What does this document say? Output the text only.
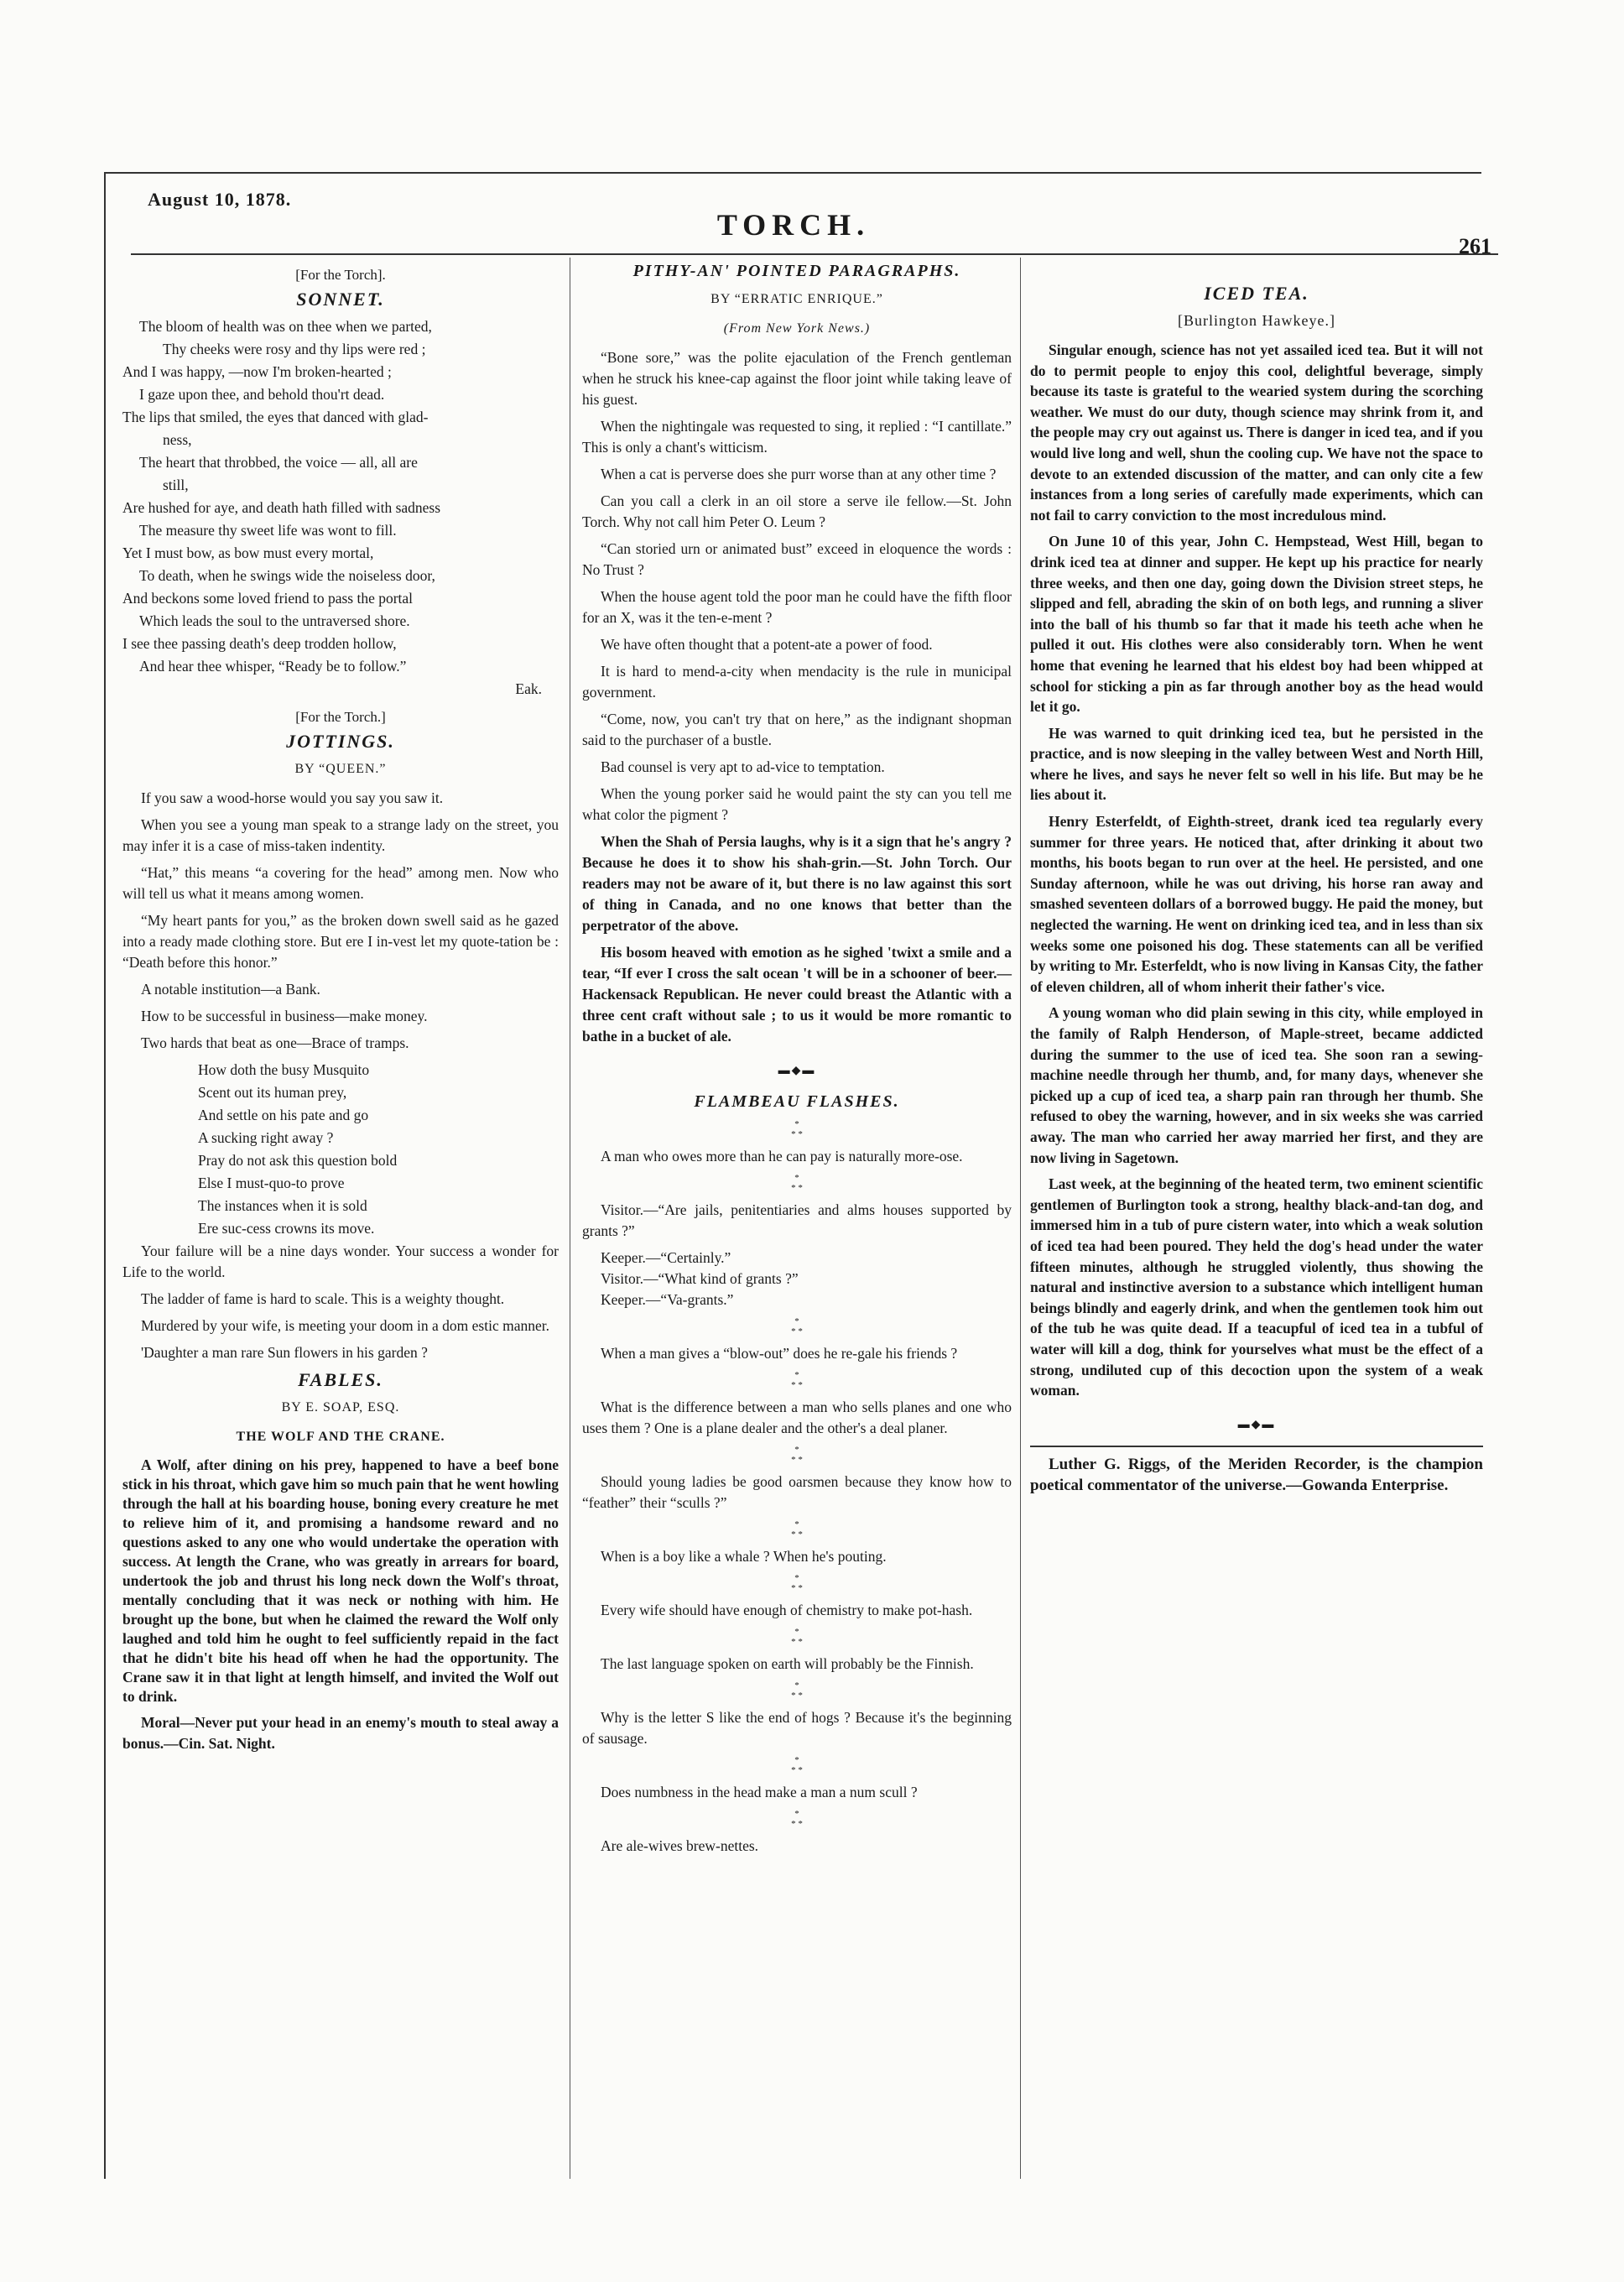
August 10, 1878.
TORCH.
261
[For the Torch].
SONNET.
The bloom of health was on thee when we parted,
Thy cheeks were rosy and thy lips were red ;
And I was happy, —now I'm broken-hearted ;
I gaze upon thee, and behold thou'rt dead.
The lips that smiled, the eyes that danced with glad-
ness,
The heart that throbbed, the voice — all, all are
still,
Are hushed for aye, and death hath filled with sadness
The measure thy sweet life was wont to fill.
Yet I must bow, as bow must every mortal,
To death, when he swings wide the noiseless door,
And beckons some loved friend to pass the portal
Which leads the soul to the untraversed shore.
I see thee passing death's deep trodden hollow,
And hear thee whisper, “Ready be to follow.”
Eak.
[For the Torch.]
JOTTINGS.
BY “QUEEN.”

If you saw a wood-horse would you say you saw it.

When you see a young man speak to a strange lady on the street, you may infer it is a case of miss-taken indentity.

“Hat,” this means “a covering for the head” among men. Now who will tell us what it means among women.

“My heart pants for you,” as the broken down swell said as he gazed into a ready made clothing store. But ere I in-vest let my quote-tation be : “Death before this honor.”

A notable institution—a Bank.

How to be successful in business—make money.

Two hards that beat as one—Brace of tramps.

How doth the busy Musquito
Scent out its human prey,
And settle on his pate and go
A sucking right away ?
Pray do not ask this question bold
Else I must-quo-to prove
The instances when it is sold
Ere suc-cess crowns its move.

Your failure will be a nine days wonder. Your success a wonder for Life to the world.

The ladder of fame is hard to scale. This is a weighty thought.

Murdered by your wife, is meeting your doom in a dom estic manner.

'Daughter a man rare Sun flowers in his garden ?

FABLES.
BY E. SOAP, ESQ.
THE WOLF AND THE CRANE.

A Wolf, after dining on his prey, happened to have a beef bone stick in his throat, which gave him so much pain that he went howling through the hall at his boarding house, boning every creature he met to relieve him of it, and promising a handsome reward and no questions asked to any one who would undertake the operation with success. At length the Crane, who was greatly in arrears for board, undertook the job and thrust his long neck down the Wolf's throat, mentally concluding that it was neck or nothing with him. He brought up the bone, but when he claimed the reward the Wolf only laughed and told him he ought to feel sufficiently repaid in the fact that he didn't bite his head off when he had the opportunity. The Crane saw it in that light at length himself, and invited the Wolf out to drink.

Moral—Never put your head in an enemy's mouth to steal away a bonus.—Cin. Sat. Night.

PITHY-AN' POINTED PARAGRAPHS.
BY “ERRATIC ENRIQUE.”
(From New York News.)

“Bone sore,” was the polite ejaculation of the French gentleman when he struck his knee-cap against the floor joint while taking leave of his guest.

When the nightingale was requested to sing, it replied : “I cantillate.” This is only a chant's witticism.

When a cat is perverse does she purr worse than at any other time ?

Can you call a clerk in an oil store a serve ile fellow.—St. John Torch. Why not call him Peter O. Leum ?

“Can storied urn or animated bust” exceed in eloquence the words : No Trust ?

When the house agent told the poor man he could have the fifth floor for an X, was it the ten-e-ment ?

We have often thought that a potent-ate a power of food.

It is hard to mend-a-city when mendacity is the rule in municipal government.

“Come, now, you can't try that on here,” as the indignant shopman said to the purchaser of a bustle.

Bad counsel is very apt to ad-vice to temptation.

When the young porker said he would paint the sty can you tell me what color the pigment ?

When the Shah of Persia laughs, why is it a sign that he's angry ? Because he does it to show his shah-grin.—St. John Torch. Our readers may not be aware of it, but there is no law against this sort of thing in Canada, and no one knows that better than the perpetrator of the above.

His bosom heaved with emotion as he sighed 'twixt a smile and a tear, “If ever I cross the salt ocean 't will be in a schooner of beer.—Hackensack Republican. He never could breast the Atlantic with a three cent craft without sale ; to us it would be more romantic to bathe in a bucket of ale.

▬◆▬
FLAMBEAU FLASHES.
*
* *

A man who owes more than he can pay is naturally more-ose.

*
* *

Visitor.—“Are jails, penitentiaries and alms houses supported by grants ?”

Keeper.—“Certainly.”

Visitor.—“What kind of grants ?”

Keeper.—“Va-grants.”

*
* *

When a man gives a “blow-out” does he re-gale his friends ?

*
* *

What is the difference between a man who sells planes and one who uses them ? One is a plane dealer and the other's a deal planer.

*
* *

Should young ladies be good oarsmen because they know how to “feather” their “sculls ?”

*
* *

When is a boy like a whale ? When he's pouting.

*
* *

Every wife should have enough of chemistry to make pot-hash.

*
* *

The last language spoken on earth will probably be the Finnish.

*
* *

Why is the letter S like the end of hogs ? Because it's the beginning of sausage.

*
* *

Does numbness in the head make a man a num scull ?

*
* *

Are ale-wives brew-nettes.

ICED TEA.
[Burlington Hawkeye.]

Singular enough, science has not yet assailed iced tea. But it will not do to permit people to enjoy this cool, delightful beverage, simply because its taste is grateful to the wearied system during the scorching weather. We must do our duty, though science may shrink from it, and the people may cry out against us. There is danger in iced tea, and if you would live long and well, shun the cooling cup. We have not the space to devote to an extended discussion of the matter, and can only cite a few instances from a long series of carefully made experiments, which can not fail to carry conviction to the most incredulous mind.

On June 10 of this year, John C. Hempstead, West Hill, began to drink iced tea at dinner and supper. He kept up his practice for nearly three weeks, and then one day, going down the Division street steps, he slipped and fell, abrading the skin of on both legs, and running a sliver into the ball of his thumb so far that it made his teeth ache when he pulled it out. His clothes were also considerably torn. When he went home that evening he learned that his eldest boy had been whipped at school for sticking a pin as far through another boy as the head would let it go.

He was warned to quit drinking iced tea, but he persisted in the practice, and is now sleeping in the valley between West and North Hill, where he lives, and says he never felt so well in his life. But may be he lies about it.

Henry Esterfeldt, of Eighth-street, drank iced tea regularly every summer for three years. He noticed that, after drinking it about two months, his boots began to run over at the heel. He persisted, and one Sunday afternoon, while he was out driving, his horse ran away and smashed seventeen dollars of a borrowed buggy. He paid the money, but neglected the warning. He went on drinking iced tea, and in less than six weeks some one poisoned his dog. These statements can all be verified by writing to Mr. Esterfeldt, who is now living in Kansas City, the father of eleven children, all of whom inherit their father's vice.

A young woman who did plain sewing in this city, while employed in the family of Ralph Henderson, of Maple-street, became addicted during the summer to the use of iced tea. She soon ran a sewing-machine needle through her thumb, and, for many days, whenever she picked up a cup of iced tea, a sharp pain ran through her thumb. She refused to obey the warning, however, and in six weeks she was carried away. The man who carried her away married her first, and they are now living in Sagetown.

Last week, at the beginning of the heated term, two eminent scientific gentlemen of Burlington took a strong, healthy black-and-tan dog, and immersed him in a tub of pure cistern water, into which a weak solution of iced tea had been poured. They held the dog's head under the water fifteen minutes, although he struggled violently, thus showing the natural and instinctive aversion to a substance which intelligent human beings blindly and eagerly drink, and when the gentlemen took him out of the tub he was quite dead. If a teacupful of iced tea in a tubful of water will kill a dog, think for yourselves what must be the effect of a strong, undiluted cup of this decoction upon the system of a weak woman.

▬◆▬

Luther G. Riggs, of the Meriden Recorder, is the champion poetical commentator of the universe.—Gowanda Enterprise.
